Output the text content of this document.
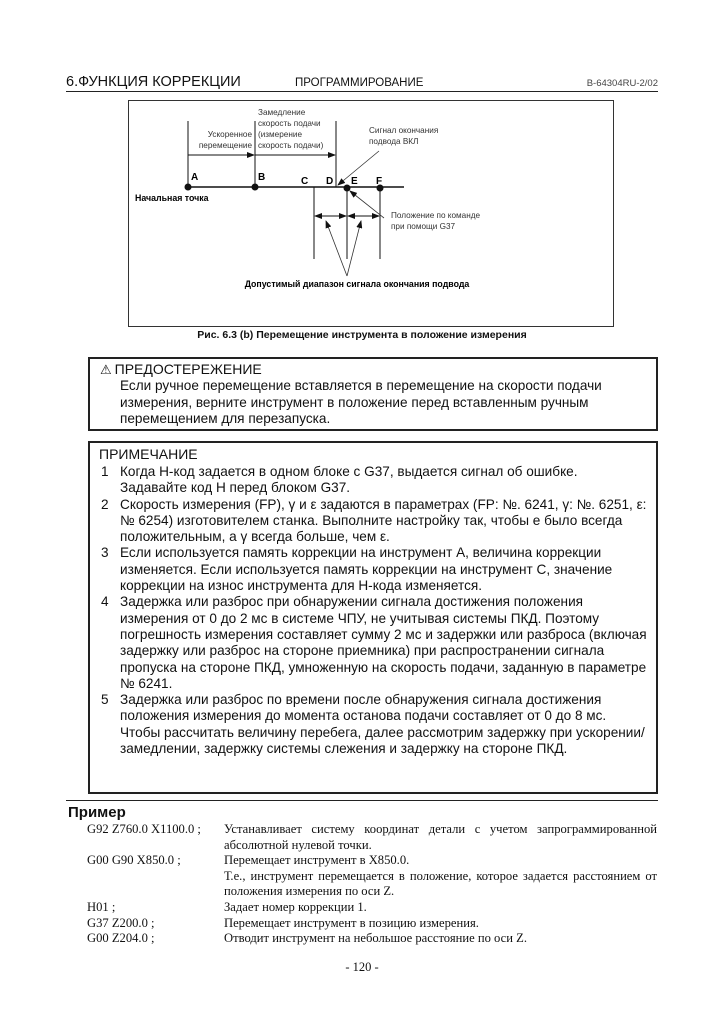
6.ФУНКЦИЯ КОРРЕКЦИИ	ПРОГРАММИРОВАНИЕ	B-64304RU-2/02
A	B	C D E F
Ускоренное
перемещение
Замедление
скорость подачи
(измерение
скорость подачи)
Сигнал окончания
подвода ВКЛ
Положение по команде
при помощи G37
Начальная точка
Допустимый диапазон сигнала окончания подвода
Рис. 6.3 (b) Перемещение инструмента в положение измерения
⚠ ПРЕДОСТЕРЕЖЕНИЕ
Если ручное перемещение вставляется в перемещение на скорости подачи измерения, верните инструмент в положение перед вставленным ручным перемещением для перезапуска.
ПРИМЕЧАНИЕ
1 Когда H-код задается в одном блоке с G37, выдается сигнал об ошибке. Задавайте код H перед блоком G37.
2 Скорость измерения (FP), γ и ε задаются в параметрах (FP: №. 6241, γ: №. 6251, ε: № 6254) изготовителем станка. Выполните настройку так, чтобы e было всегда положительным, а γ всегда больше, чем ε.
3 Если используется память коррекции на инструмент A, величина коррекции изменяется. Если используется память коррекции на инструмент C, значение коррекции на износ инструмента для H-кода изменяется.
4 Задержка или разброс при обнаружении сигнала достижения положения измерения от 0 до 2 мс в системе ЧПУ, не учитывая системы ПКД. Поэтому погрешность измерения составляет сумму 2 мс и задержки или разброса (включая задержку или разброс на стороне приемника) при распространении сигнала пропуска на стороне ПКД, умноженную на скорость подачи, заданную в параметре № 6241.
5 Задержка или разброс по времени после обнаружения сигнала достижения положения измерения до момента останова подачи составляет от 0 до 8 мс. Чтобы рассчитать величину перебега, далее рассмотрим задержку при ускорении/замедлении, задержку системы слежения и задержку на стороне ПКД.
Пример
G92 Z760.0 X1100.0 ; Устанавливает систему координат детали с учетом запрограммированной абсолютной нулевой точки.
G00 G90 X850.0 ;	Перемещает инструмент в X850.0.
Т.е., инструмент перемещается в положение, которое задается расстоянием от положения измерения по оси Z.
H01 ;	Задает номер коррекции 1.
G37 Z200.0 ;	Перемещает инструмент в позицию измерения.
G00 Z204.0 ;	Отводит инструмент на небольшое расстояние по оси Z.
- 120 -
